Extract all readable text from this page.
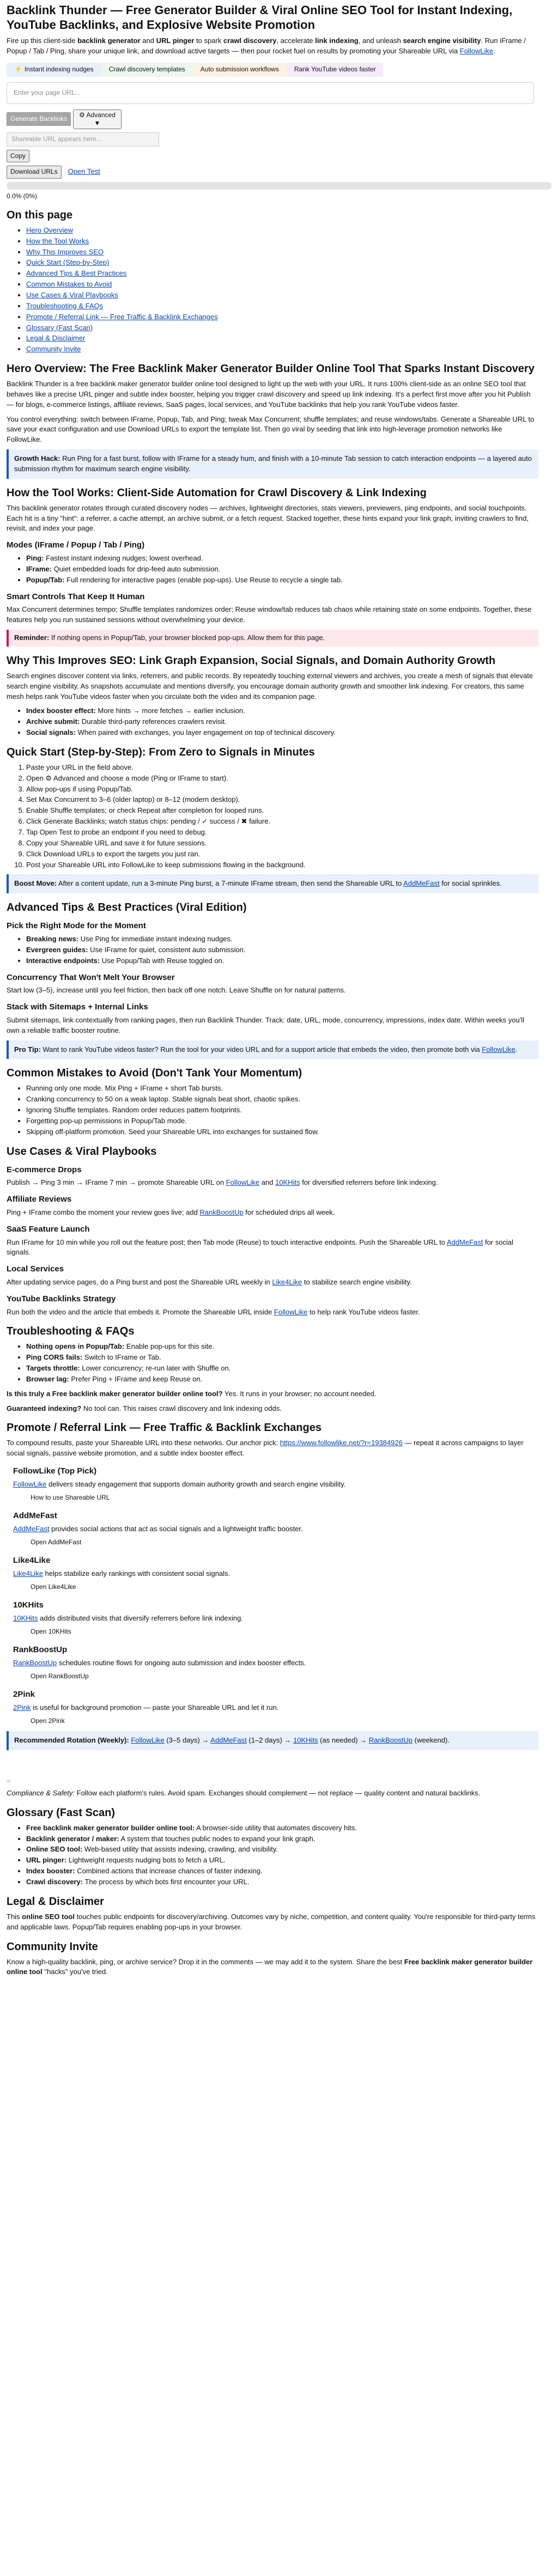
Backlink Thunder — Free Generator Builder & Viral Online SEO Tool for Instant Indexing, YouTube Backlinks, and Explosive Website Promotion

Fire up this client-side backlink generator and URL pinger to spark crawl discovery, accelerate link indexing, and unleash search engine visibility. Run iFrame / Popup / Tab / Ping, share your unique link, and download active targets — then pour rocket fuel on results by promoting your Shareable URL via FollowLike.

⚡ Instant indexing nudges	Crawl discovery templates	Auto submission workflows	Rank YouTube videos faster
Enter your page URL...
Generate Backlinks
⚙ Advanced
▼
Shareable URL appears here...
Copy
Download URLs	Open Test
0.0% (0%)
On this page
• Hero Overview
• How the Tool Works
• Why This Improves SEO
• Quick Start (Step-by-Step)
• Advanced Tips & Best Practices
• Common Mistakes to Avoid
• Use Cases & Viral Playbooks
• Troubleshooting & FAQs
• Promote / Referral Link — Free Traffic & Backlink Exchanges
• Glossary (Fast Scan)
• Legal & Disclaimer
• Community Invite
Hero Overview: The Free Backlink Maker Generator Builder Online Tool That Sparks Instant Discovery

Backlink Thunder is a free backlink maker generator builder online tool designed to light up the web with your URL. It runs 100% client-side as an online SEO tool that behaves like a precise URL pinger and subtle index booster, helping you trigger crawl discovery and speed up link indexing. It's a perfect first move after you hit Publish — for blogs, e-commerce listings, affiliate reviews, SaaS pages, local services, and YouTube backlinks that help you rank YouTube videos faster.

You control everything: switch between IFrame, Popup, Tab, and Ping; tweak Max Concurrent; shuffle templates; and reuse windows/tabs. Generate a Shareable URL to save your exact configuration and use Download URLs to export the template list. Then go viral by seeding that link into high-leverage promotion networks like FollowLike.

Growth Hack: Run Ping for a fast burst, follow with IFrame for a steady hum, and finish with a 10-minute Tab session to catch interaction endpoints — a layered auto submission rhythm for maximum search engine visibility.
How the Tool Works: Client-Side Automation for Crawl Discovery & Link Indexing

This backlink generator rotates through curated discovery nodes — archives, lightweight directories, stats viewers, previewers, ping endpoints, and social touchpoints. Each hit is a tiny "hint": a referrer, a cache attempt, an archive submit, or a fetch request. Stacked together, these hints expand your link graph, inviting crawlers to find, revisit, and index your page.

Modes (IFrame / Popup / Tab / Ping)
• Ping: Fastest instant indexing nudges; lowest overhead.
• IFrame: Quiet embedded loads for drip-feed auto submission.
• Popup/Tab: Full rendering for interactive pages (enable pop-ups). Use Reuse to recycle a single tab.
Smart Controls That Keep It Human

Max Concurrent determines tempo; Shuffle templates randomizes order; Reuse window/tab reduces tab chaos while retaining state on some endpoints. Together, these features help you run sustained sessions without overwhelming your device.

Reminder: If nothing opens in Popup/Tab, your browser blocked pop-ups. Allow them for this page.
Why This Improves SEO: Link Graph Expansion, Social Signals, and Domain Authority Growth

Search engines discover content via links, referrers, and public records. By repeatedly touching external viewers and archives, you create a mesh of signals that elevate search engine visibility. As snapshots accumulate and mentions diversify, you encourage domain authority growth and smoother link indexing. For creators, this same mesh helps rank YouTube videos faster when you circulate both the video and its companion page.

• Index booster effect: More hints → more fetches → earlier inclusion.
• Archive submit: Durable third-party references crawlers revisit.
• Social signals: When paired with exchanges, you layer engagement on top of technical discovery.
Quick Start (Step-by-Step): From Zero to Signals in Minutes
1. Paste your URL in the field above.
2. Open ⚙ Advanced and choose a mode (Ping or IFrame to start).
3. Allow pop-ups if using Popup/Tab.
4. Set Max Concurrent to 3–6 (older laptop) or 8–12 (modern desktop).
5. Enable Shuffle templates; or check Repeat after completion for looped runs.
6. Click Generate Backlinks; watch status chips: pending / ✓ success / ✖ failure.
7. Tap Open Test to probe an endpoint if you need to debug.
8. Copy your Shareable URL and save it for future sessions.
9. Click Download URLs to export the targets you just ran.
10. Post your Shareable URL into FollowLike to keep submissions flowing in the background.
Boost Move: After a content update, run a 3-minute Ping burst, a 7-minute IFrame stream, then send the Shareable URL to AddMeFast for social sprinkles.
Advanced Tips & Best Practices (Viral Edition)
Pick the Right Mode for the Moment
• Breaking news: Use Ping for immediate instant indexing nudges.
• Evergreen guides: Use IFrame for quiet, consistent auto submission.
• Interactive endpoints: Use Popup/Tab with Reuse toggled on.
Concurrency That Won't Melt Your Browser

Start low (3–5), increase until you feel friction, then back off one notch. Leave Shuffle on for natural patterns.

Stack with Sitemaps + Internal Links

Submit sitemaps, link contextually from ranking pages, then run Backlink Thunder. Track: date, URL, mode, concurrency, impressions, index date. Within weeks you'll own a reliable traffic booster routine.

Pro Tip: Want to rank YouTube videos faster? Run the tool for your video URL and for a support article that embeds the video, then promote both via FollowLike.
Common Mistakes to Avoid (Don't Tank Your Momentum)
• Running only one mode. Mix Ping + IFrame + short Tab bursts.
• Cranking concurrency to 50 on a weak laptop. Stable signals beat short, chaotic spikes.
• Ignoring Shuffle templates. Random order reduces pattern footprints.
• Forgetting pop-up permissions in Popup/Tab mode.
• Skipping off-platform promotion. Seed your Shareable URL into exchanges for sustained flow.
Use Cases & Viral Playbooks
E-commerce Drops

Publish → Ping 3 min → IFrame 7 min → promote Shareable URL on FollowLike and 10KHits for diversified referrers before link indexing.

Affiliate Reviews

Ping + IFrame combo the moment your review goes live; add RankBoostUp for scheduled drips all week.

SaaS Feature Launch

Run IFrame for 10 min while you roll out the feature post; then Tab mode (Reuse) to touch interactive endpoints. Push the Shareable URL to AddMeFast for social signals.

Local Services

After updating service pages, do a Ping burst and post the Shareable URL weekly in Like4Like to stabilize search engine visibility.

YouTube Backlinks Strategy

Run both the video and the article that embeds it. Promote the Shareable URL inside FollowLike to help rank YouTube videos faster.

Troubleshooting & FAQs
• Nothing opens in Popup/Tab: Enable pop-ups for this site.
• Ping CORS fails: Switch to IFrame or Tab.
• Targets throttle: Lower concurrency; re-run later with Shuffle on.
• Browser lag: Prefer Ping + IFrame and keep Reuse on.

Is this truly a Free backlink maker generator builder online tool? Yes. It runs in your browser; no account needed.

Guaranteed indexing? No tool can. This raises crawl discovery and link indexing odds.

Promote / Referral Link — Free Traffic & Backlink Exchanges

To compound results, paste your Shareable URL into these networks. Our anchor pick: https://www.followlike.net/?r=19384926 — repeat it across campaigns to layer social signals, passive website promotion, and a subtle index booster effect.

FollowLike (Top Pick)
FollowLike delivers steady engagement that supports domain authority growth and search engine visibility.
How to use Shareable URL
AddMeFast
AddMeFast provides social actions that act as social signals and a lightweight traffic booster.
Open AddMeFast
Like4Like
Like4Like helps stabilize early rankings with consistent social signals.
Open Like4Like
10KHits
10KHits adds distributed visits that diversify referrers before link indexing.
Open 10KHits
RankBoostUp
RankBoostUp schedules routine flows for ongoing auto submission and index booster effects.
Open RankBoostUp
2Pink
2Pink is useful for background promotion — paste your Shareable URL and let it run.
Open 2Pink
Recommended Rotation (Weekly): FollowLike (3–5 days) → AddMeFast (1–2 days) → 10KHits (as needed) → RankBoostUp (weekend).

Compliance & Safety: Follow each platform's rules. Avoid spam. Exchanges should complement — not replace — quality content and natural backlinks.

Glossary (Fast Scan)
• Free backlink maker generator builder online tool: A browser-side utility that automates discovery hits.
• Backlink generator / maker: A system that touches public nodes to expand your link graph.
• Online SEO tool: Web-based utility that assists indexing, crawling, and visibility.
• URL pinger: Lightweight requests nudging bots to fetch a URL.
• Index booster: Combined actions that increase chances of faster indexing.
• Crawl discovery: The process by which bots first encounter your URL.
Legal & Disclaimer

This online SEO tool touches public endpoints for discovery/archiving. Outcomes vary by niche, competition, and content quality. You're responsible for third-party terms and applicable laws. Popup/Tab requires enabling pop-ups in your browser.

Community Invite

Know a high-quality backlink, ping, or archive service? Drop it in the comments — we may add it to the system. Share the best Free backlink maker generator builder online tool "hacks" you've tried.
